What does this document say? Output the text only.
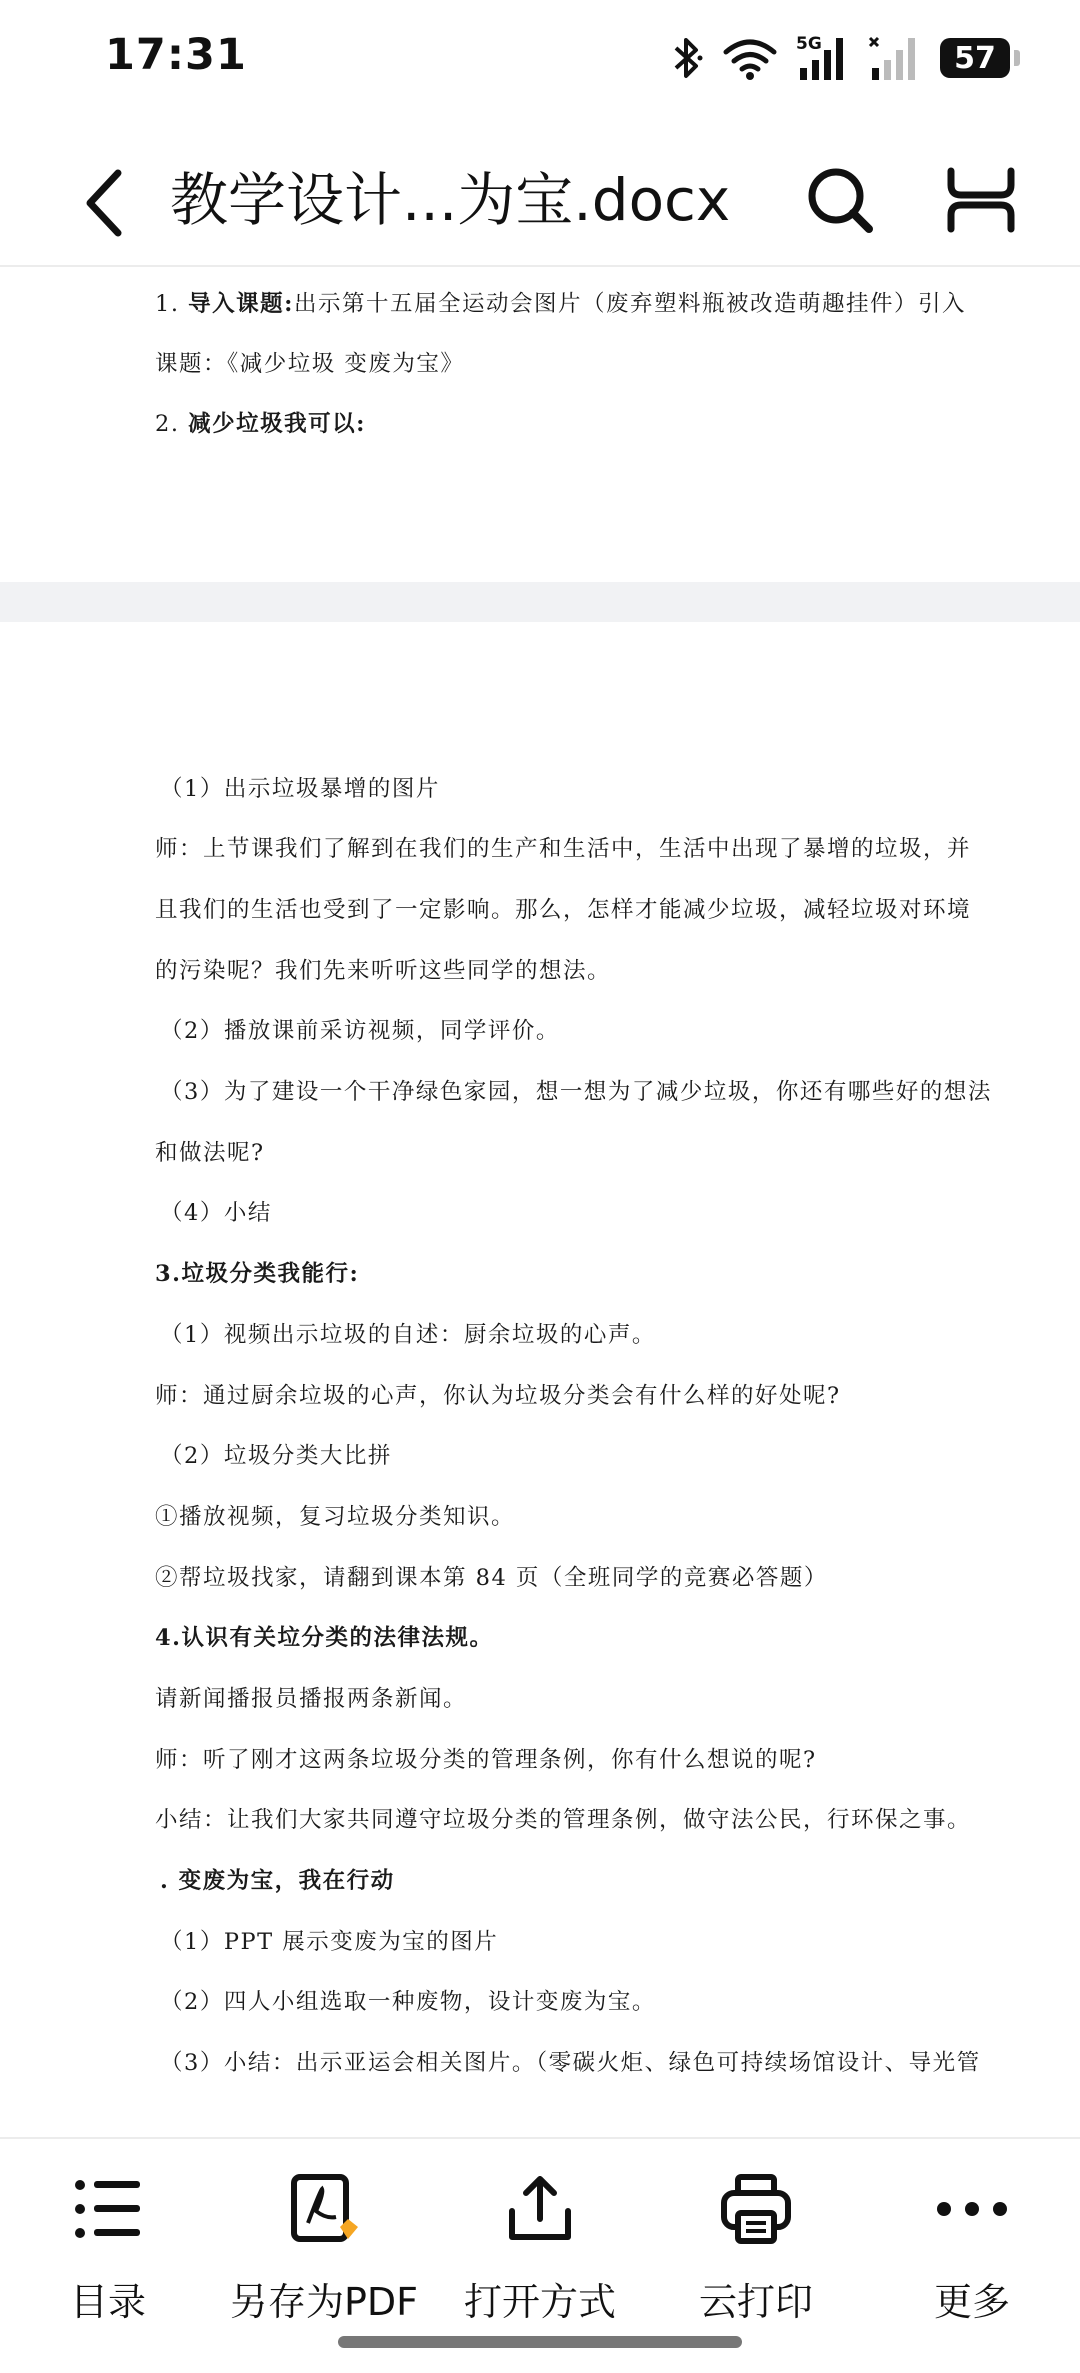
17:31	5G	57
教学设计...为宝.docx
1. 导入课题:出示第十五届全运动会图片（废弃塑料瓶被改造萌趣挂件）引入
课题：《减少垃圾 变废为宝》
2. 减少垃圾我可以:
（1）出示垃圾暴增的图片
师：上节课我们了解到在我们的生产和生活中，生活中出现了暴增的垃圾，并
且我们的生活也受到了一定影响。那么，怎样才能减少垃圾，减轻垃圾对环境
的污染呢？我们先来听听这些同学的想法。
（2）播放课前采访视频，同学评价。
（3）为了建设一个干净绿色家园，想一想为了减少垃圾，你还有哪些好的想法
和做法呢?
（4）小结
3.垃圾分类我能行:
（1）视频出示垃圾的自述：厨余垃圾的心声。
师：通过厨余垃圾的心声，你认为垃圾分类会有什么样的好处呢?
（2）垃圾分类大比拼
①播放视频，复习垃圾分类知识。
②帮垃圾找家，请翻到课本第 84 页（全班同学的竞赛必答题）
4.认识有关垃分类的法律法规。
请新闻播报员播报两条新闻。
师：听了刚才这两条垃圾分类的管理条例，你有什么想说的呢?
小结：让我们大家共同遵守垃圾分类的管理条例，做守法公民，行环保之事。
. 变废为宝，我在行动
（1）PPT 展示变废为宝的图片
（2）四人小组选取一种废物，设计变废为宝。
（3）小结：出示亚运会相关图片。（零碳火炬、绿色可持续场馆设计、导光管
目录 另存为PDF 打开方式 云打印	更多
